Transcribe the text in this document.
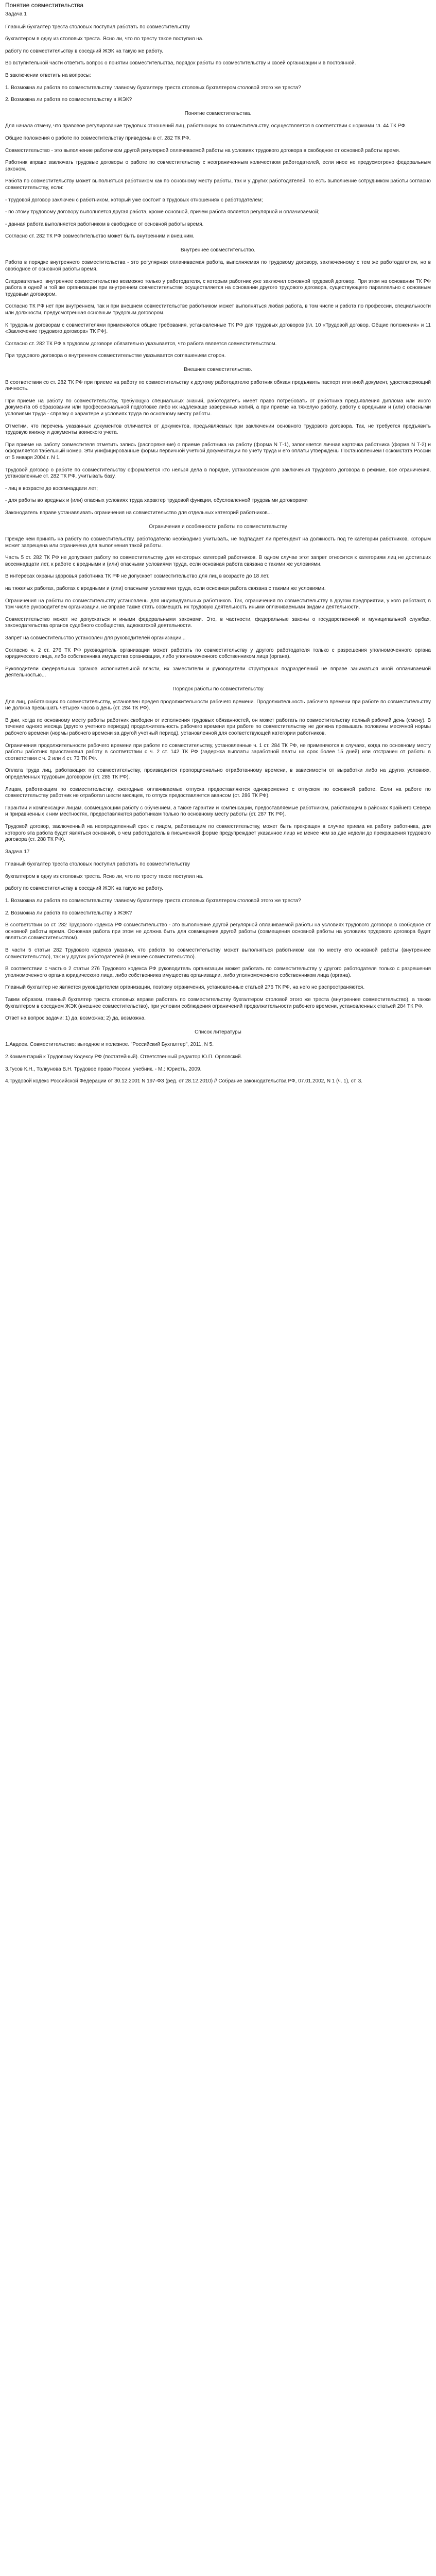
Понятие совместительства
Задача 1
Главный бухгалтер треста столовых поступил работать по совместительству
бухгалтером в одну из столовых треста. Ясно ли, что по тресту такое поступил на.
работу по совместительству в соседний ЖЭК на такую же работу.
Во вступительной части ответить вопрос о понятии совместительства, порядок работы по совместительству и своей организации и в постоянной.
В заключении ответить на вопросы:
1. Возможна ли работа по совместительству главному бухгалтеру треста столовых бухгалтером столовой этого же треста?
2. Возможна ли работа по совместительству в ЖЭК?
Понятие совместительства.
Для начала отмечу, что правовое регулирование трудовых отношений лиц, работающих по совместительству, осуществляется в соответствии с нормами гл. 44 ТК РФ.
Общие положения о работе по совместительству приведены в ст. 282 ТК РФ.
Совместительство - это выполнение работником другой регулярной оплачиваемой работы на условиях трудового договора в свободное от основной работы время.
Работник вправе заключать трудовые договоры о работе по совместительству с неограниченным количеством работодателей, если иное не предусмотрено федеральным законом.
Работа по совместительству может выполняться работником как по основному месту работы, так и у других работодателей. То есть выполнение сотрудником работы согласно совместительству, если:
- трудовой договор заключен с работником, который уже состоит в трудовых отношениях с работодателем;
- по этому трудовому договору выполняется другая работа, кроме основной, причем работа является регулярной и оплачиваемой;
- данная работа выполняется работником в свободное от основной работы время.
Согласно ст. 282 ТК РФ совместительство может быть внутренним и внешним.
Внутреннее совместительство.
Работа в порядке внутреннего совместительства - это регулярная оплачиваемая работа, выполняемая по трудовому договору, заключенному с тем же работодателем, но в свободное от основной работы время.
Следовательно, внутреннее совместительство возможно только у работодателя, с которым работник уже заключил основной трудовой договор. При этом на основании ТК РФ работа в одной и той же организации при внутреннем совместительстве осуществляется на основании другого трудового договора, существующего параллельно с основным трудовым договором.
Согласно ТК РФ нет при внутреннем, так и при внешнем совместительстве работником может выполняться любая работа, в том числе и работа по профессии, специальности или должности, предусмотренная основным трудовым договором.
К трудовым договорам с совместителями применяются общие требования, установленные ТК РФ для трудовых договоров (гл. 10 «Трудовой договор. Общие положения» и 11 «Заключение трудового договора» ТК РФ).
Согласно ст. 282 ТК РФ в трудовом договоре обязательно указывается, что работа является совместительством.
При трудового договора о внутреннем совместительстве указывается соглашением сторон.
Внешнее совместительство.
В соответствии со ст. 282 ТК РФ при приеме на работу по совместительству к другому работодателю работник обязан предъявить паспорт или иной документ, удостоверяющий личность.
При приеме на работу по совместительству, требующую специальных знаний, работодатель имеет право потребовать от работника предъявления диплома или иного документа об образовании или профессиональной подготовке либо их надлежаще заверенных копий, а при приеме на тяжелую работу, работу с вредными и (или) опасными условиями труда - справку о характере и условиях труда по основному месту работы.
Отметим, что перечень указанных документов отличается от документов, предъявляемых при заключении основного трудового договора. Так, не требуется предъявить трудовую книжку и документы воинского учета.
При приеме на работу совместителя отметить запись (распоряжение) о приеме работника на работу (форма N Т-1), заполняется личная карточка работника (форма N Т-2) и оформляется табельный номер. Эти унифицированные формы первичной учетной документации по учету труда и его оплаты утверждены Постановлением Госкомстата России от 5 января 2004 г. N 1.
Трудовой договор о работе по совместительству оформляется кто нельзя дела в порядке, установленном для заключения трудового договора в режиме, все ограничения, установленные ст. 282 ТК РФ, учитывать базу.
- лиц в возрасте до восемнадцати лет;
- для работы во вредных и (или) опасных условиях труда характер трудовой функции, обусловленной трудовыми договорами
Законодатель вправе устанавливать ограничения на совместительство для отдельных категорий работников...
Ограничения и особенности работы по совместительству
Прежде чем принять на работу по совместительству, работодателю необходимо учитывать, не подпадает ли претендент на должность под те категории работников, которым может запрещена или ограничена для выполнения такой работы.
Часть 5 ст. 282 ТК РФ не допускает работу по совместительству для некоторых категорий работников. В одном случае этот запрет относится к категориям лиц не достигших восемнадцати лет, к работе с вредными и (или) опасными условиями труда, если основная работа связана с такими же условиями.
В интересах охраны здоровья работника ТК РФ не допускает совместительство для лиц в возрасте до 18 лет.
на тяжелых работах, работах с вредными и (или) опасными условиями труда, если основная работа связана с такими же условиями.
Ограничения на работы по совместительству установлены для индивидуальных работников. Так, ограничения по совместительству в другом предприятии, у кого работают, в том числе руководителем организации, не вправе также стать совмещать их трудовую деятельность иными оплачиваемыми видами деятельности.
Совместительство может не допускаться и иными федеральными законами. Это, в частности, федеральные законы о государственной и муниципальной службах, законодательства органов судебного сообщества, адвокатской деятельности.
Запрет на совместительство установлен для руководителей организации...
Согласно ч. 2 ст. 276 ТК РФ руководитель организации может работать по совместительству у другого работодателя только с разрешения уполномоченного органа юридического лица, либо собственника имущества организации, либо уполномоченного собственником лица (органа).
Руководители федеральных органов исполнительной власти, их заместители и руководители структурных подразделений не вправе заниматься иной оплачиваемой деятельностью...
Порядок работы по совместительству
Для лиц, работающих по совместительству, установлен предел продолжительности рабочего времени. Продолжительность рабочего времени при работе по совместительству не должна превышать четырех часов в день (ст. 284 ТК РФ).
В дни, когда по основному месту работы работник свободен от исполнения трудовых обязанностей, он может работать по совместительству полный рабочий день (смену). В течение одного месяца (другого учетного периода) продолжительность рабочего времени при работе по совместительству не должна превышать половины месячной нормы рабочего времени (нормы рабочего времени за другой учетный период), установленной для соответствующей категории работников.
Ограничения продолжительности рабочего времени при работе по совместительству, установленные ч. 1 ст. 284 ТК РФ, не применяются в случаях, когда по основному месту работы работник приостановил работу в соответствии с ч. 2 ст. 142 ТК РФ (задержка выплаты заработной платы на срок более 15 дней) или отстранен от работы в соответствии с ч. 2 или 4 ст. 73 ТК РФ.
Оплата труда лиц, работающих по совместительству, производится пропорционально отработанному времени, в зависимости от выработки либо на других условиях, определенных трудовым договором (ст. 285 ТК РФ).
Лицам, работающим по совместительству, ежегодные оплачиваемые отпуска предоставляются одновременно с отпуском по основной работе. Если на работе по совместительству работник не отработал шести месяцев, то отпуск предоставляется авансом (ст. 286 ТК РФ).
Гарантии и компенсации лицам, совмещающим работу с обучением, а также гарантии и компенсации, предоставляемые работникам, работающим в районах Крайнего Севера и приравненных к ним местностях, предоставляются работникам только по основному месту работы (ст. 287 ТК РФ).
Трудовой договор, заключенный на неопределенный срок с лицом, работающим по совместительству, может быть прекращен в случае приема на работу работника, для которого эта работа будет являться основной, о чем работодатель в письменной форме предупреждает указанное лицо не менее чем за две недели до прекращения трудового договора (ст. 288 ТК РФ).
Задача 17
Главный бухгалтер треста столовых поступил работать по совместительству
бухгалтером в одну из столовых треста. Ясно ли, что по тресту такое поступил на.
работу по совместительству в соседний ЖЭК на такую же работу.
1. Возможна ли работа по совместительству главному бухгалтеру треста столовых бухгалтером столовой этого же треста?
2. Возможна ли работа по совместительству в ЖЭК?
В соответствии со ст. 282 Трудового кодекса РФ совместительство - это выполнение другой регулярной оплачиваемой работы на условиях трудового договора в свободное от основной работы время. Основная работа при этом не должна быть для совмещения другой работы (совмещения основной работы на условиях трудового договора будет являться совместительством).
В части 5 статьи 282 Трудового кодекса указано, что работа по совместительству может выполняться работником как по месту его основной работы (внутреннее совместительство), так и у других работодателей (внешнее совместительство).
В соответствии с частью 2 статьи 276 Трудового кодекса РФ руководитель организации может работать по совместительству у другого работодателя только с разрешения уполномоченного органа юридического лица, либо собственника имущества организации, либо уполномоченного собственником лица (органа).
Главный бухгалтер не является руководителем организации, поэтому ограничения, установленные статьей 276 ТК РФ, на него не распространяются.
Таким образом, главный бухгалтер треста столовых вправе работать по совместительству бухгалтером столовой этого же треста (внутреннее совместительство), а также бухгалтером в соседнем ЖЭК (внешнее совместительство), при условии соблюдения ограничений продолжительности рабочего времени, установленных статьей 284 ТК РФ.
Ответ на вопрос задачи: 1) да, возможна; 2) да, возможна.
Список литературы
1.Авдеев. Совместительство: выгодное и полезное. "Российский Бухгалтер", 2011, N 5.
2.Комментарий к Трудовому Кодексу РФ (постатейный). Ответственный редактор Ю.П. Орловский.
3.Гусов К.Н., Толкунова В.Н. Трудовое право России: учебник. - М.: Юристъ, 2009.
4.Трудовой кодекс Российской Федерации от 30.12.2001 N 197-ФЗ (ред. от 28.12.2010) // Собрание законодательства РФ, 07.01.2002, N 1 (ч. 1), ст. 3.
